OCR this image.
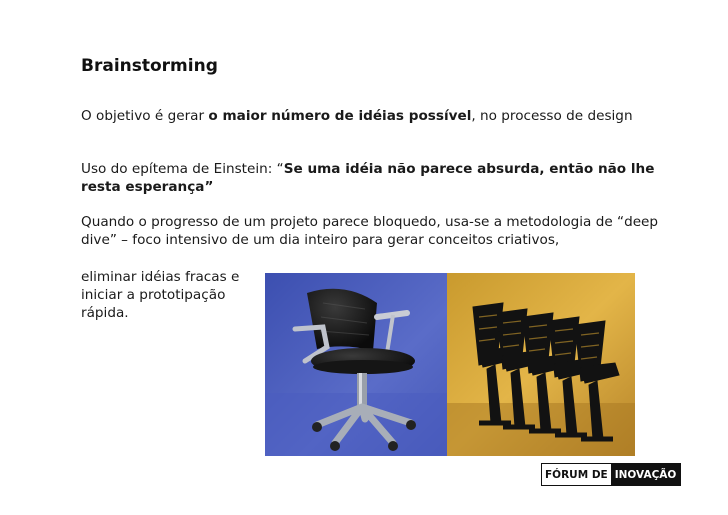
Brainstorming

O objetivo é gerar o maior número de idéias possível, no processo de design

Uso do epítema de Einstein: “Se uma idéia não parece absurda, então não lhe resta esperança”

Quando o progresso de um projeto parece bloquedo, usa-se a metodologia de “deep dive” – foco intensivo de um dia inteiro para gerar conceitos criativos,

eliminar idéias fracas e iniciar a prototipação rápida.

FÓRUM DE INOVAÇÃO
